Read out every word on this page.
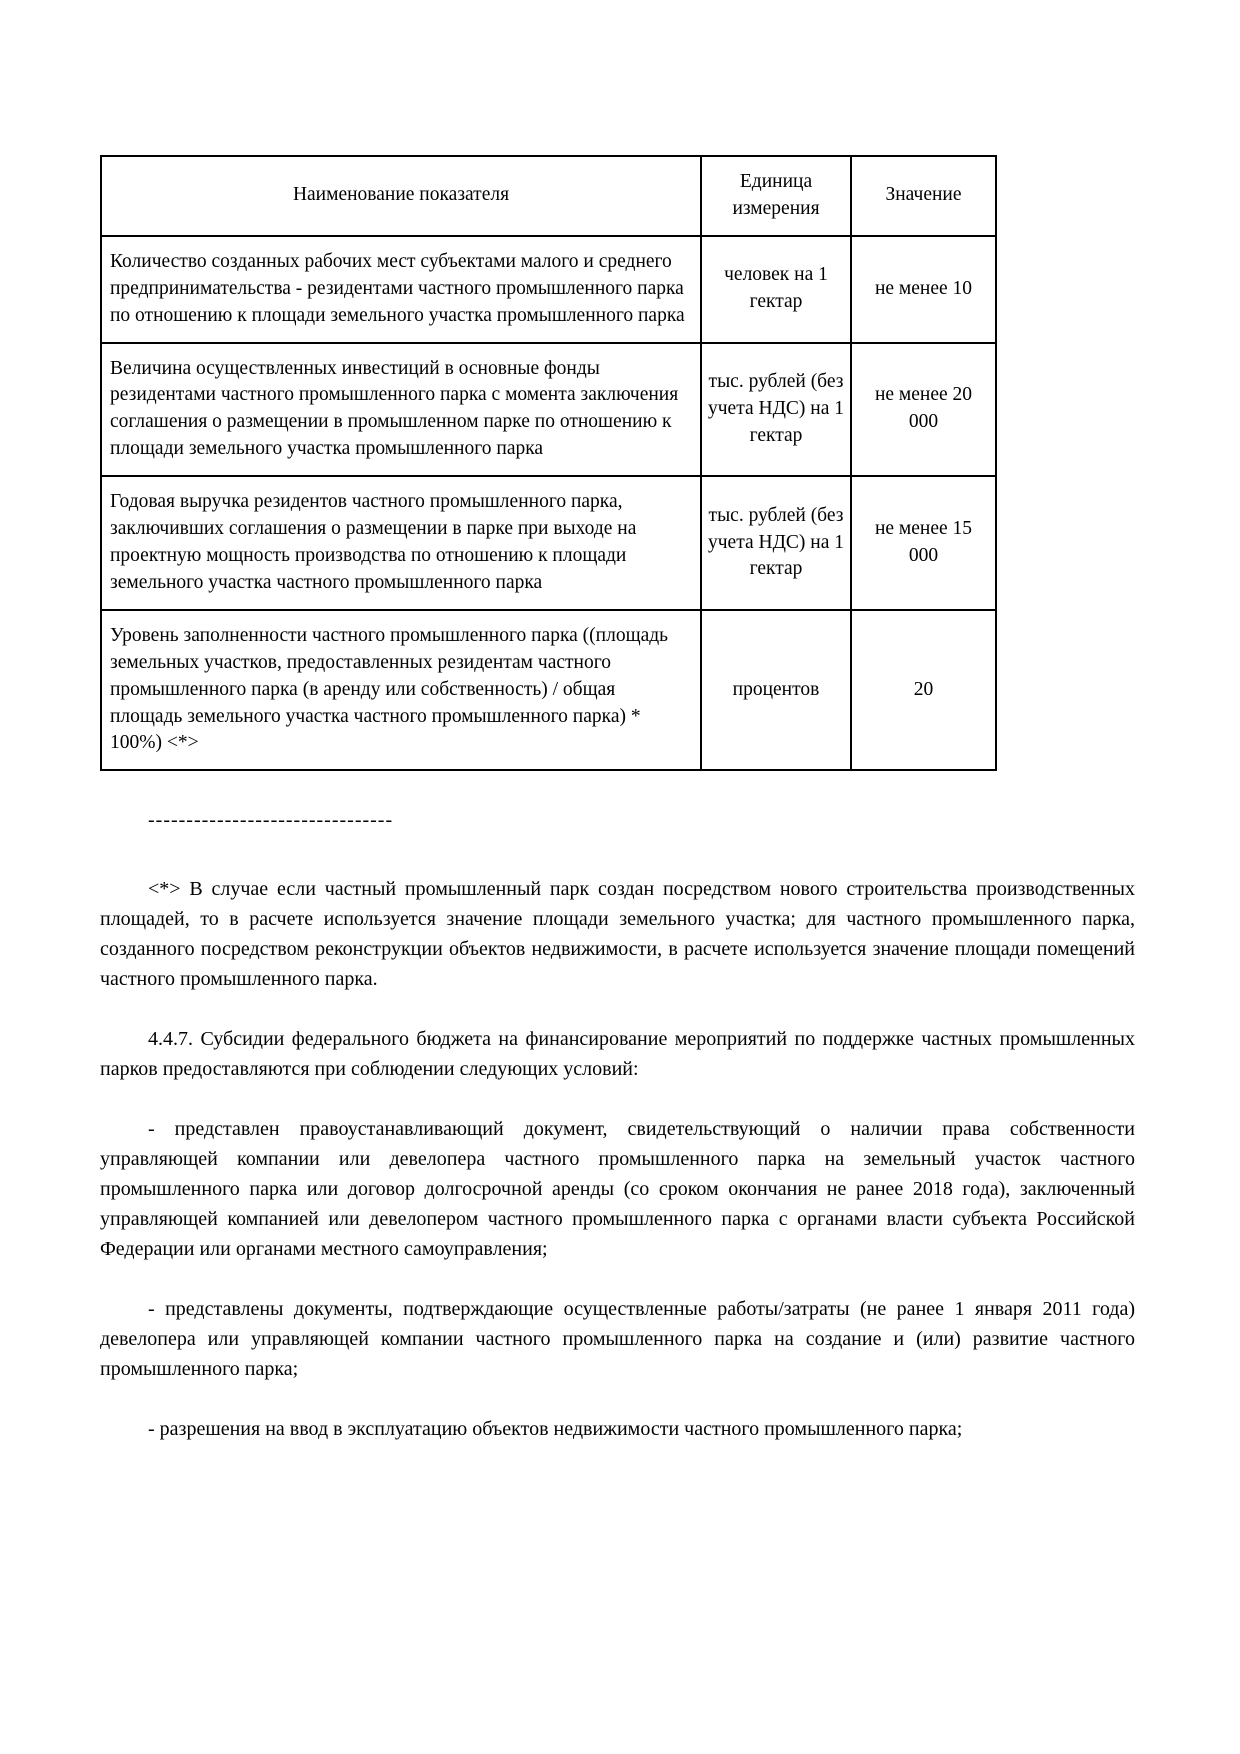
Наименование показателя	Единица измерения	Значение
Количество созданных рабочих мест субъектами малого и среднего предпринимательства - резидентами частного промышленного парка по отношению к площади земельного участка промышленного парка	человек на 1 гектар	не менее 10
Величина осуществленных инвестиций в основные фонды резидентами частного промышленного парка с момента заключения соглашения о размещении в промышленном парке по отношению к площади земельного участка промышленного парка	тыс. рублей (без учета НДС) на 1 гектар	не менее 20 000
Годовая выручка резидентов частного промышленного парка, заключивших соглашения о размещении в парке при выходе на проектную мощность производства по отношению к площади земельного участка частного промышленного парка	тыс. рублей (без учета НДС) на 1 гектар	не менее 15 000
Уровень заполненности частного промышленного парка ((площадь земельных участков, предоставленных резидентам частного промышленного парка (в аренду или собственность) / общая площадь земельного участка частного промышленного парка) * 100%) <*>	процентов	20
--------------------------------

<*> В случае если частный промышленный парк создан посредством нового строительства производственных площадей, то в расчете используется значение площади земельного участка; для частного промышленного парка, созданного посредством реконструкции объектов недвижимости, в расчете используется значение площади помещений частного промышленного парка.

4.4.7. Субсидии федерального бюджета на финансирование мероприятий по поддержке частных промышленных парков предоставляются при соблюдении следующих условий:

- представлен правоустанавливающий документ, свидетельствующий о наличии права собственности управляющей компании или девелопера частного промышленного парка на земельный участок частного промышленного парка или договор долгосрочной аренды (со сроком окончания не ранее 2018 года), заключенный управляющей компанией или девелопером частного промышленного парка с органами власти субъекта Российской Федерации или органами местного самоуправления;

- представлены документы, подтверждающие осуществленные работы/затраты (не ранее 1 января 2011 года) девелопера или управляющей компании частного промышленного парка на создание и (или) развитие частного промышленного парка;

- разрешения на ввод в эксплуатацию объектов недвижимости частного промышленного парка;
